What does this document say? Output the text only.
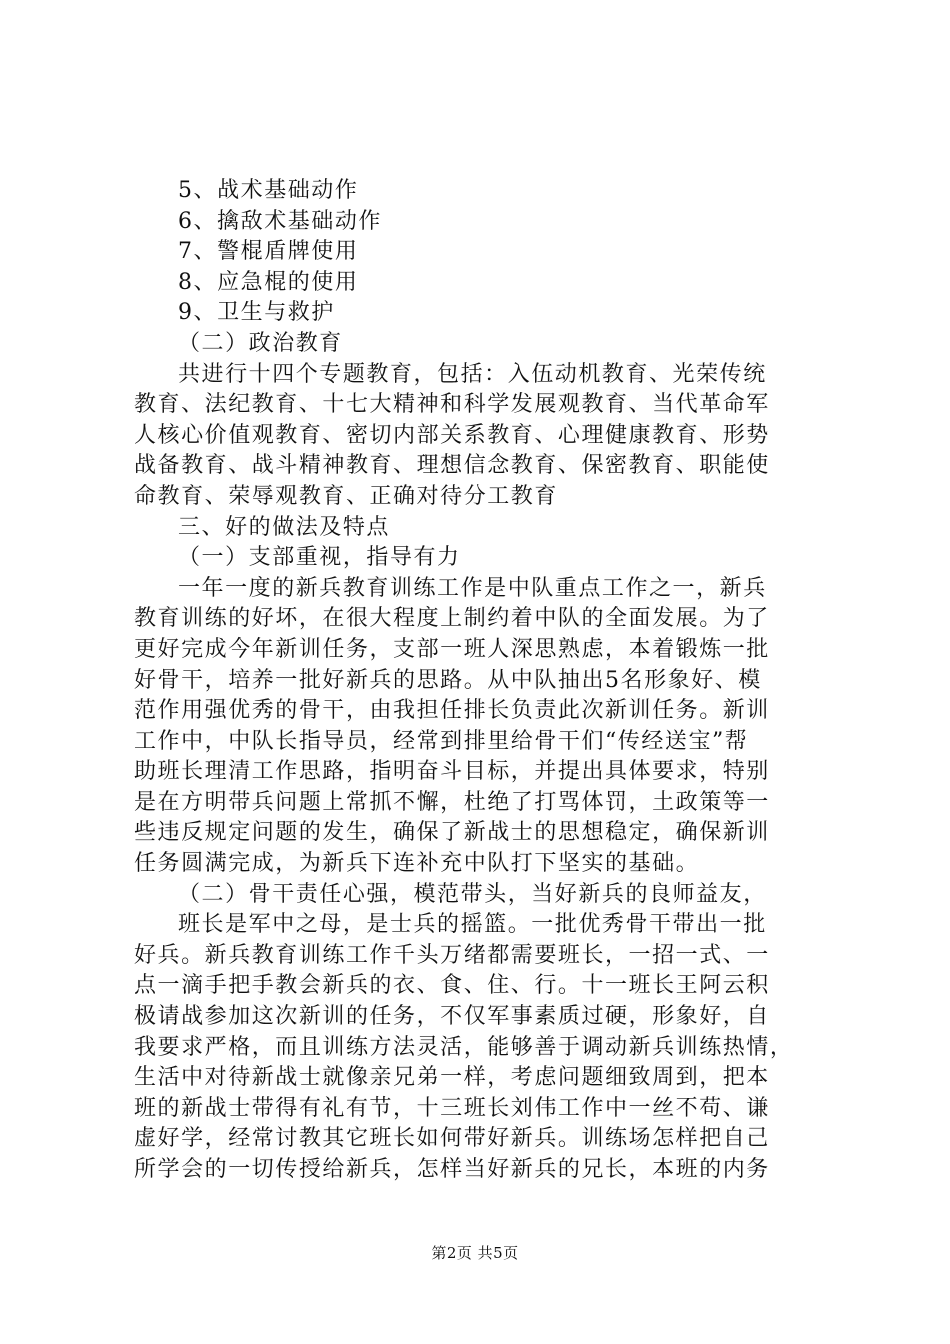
5、战术基础动作
6、擒敌术基础动作
7、警棍盾牌使用
8、应急棍的使用
9、卫生与救护
（二）政治教育
共进行十四个专题教育，包括：入伍动机教育、光荣传统
教育、法纪教育、十七大精神和科学发展观教育、当代革命军
人核心价值观教育、密切内部关系教育、心理健康教育、形势
战备教育、战斗精神教育、理想信念教育、保密教育、职能使
命教育、荣辱观教育、正确对待分工教育
三、好的做法及特点
（一）支部重视，指导有力
一年一度的新兵教育训练工作是中队重点工作之一，新兵
教育训练的好坏，在很大程度上制约着中队的全面发展。为了
更好完成今年新训任务，支部一班人深思熟虑，本着锻炼一批
好骨干，培养一批好新兵的思路。从中队抽出5名形象好、模
范作用强优秀的骨干，由我担任排长负责此次新训任务。新训
工作中，中队长指导员，经常到排里给骨干们“传经送宝”帮
助班长理清工作思路，指明奋斗目标，并提出具体要求，特别
是在方明带兵问题上常抓不懈，杜绝了打骂体罚，土政策等一
些违反规定问题的发生，确保了新战士的思想稳定，确保新训
任务圆满完成，为新兵下连补充中队打下坚实的基础。
（二）骨干责任心强，模范带头，当好新兵的良师益友，
班长是军中之母，是士兵的摇篮。一批优秀骨干带出一批
好兵。新兵教育训练工作千头万绪都需要班长，一招一式、一
点一滴手把手教会新兵的衣、食、住、行。十一班长王阿云积
极请战参加这次新训的任务，不仅军事素质过硬，形象好，自
我要求严格，而且训练方法灵活，能够善于调动新兵训练热情，
生活中对待新战士就像亲兄弟一样，考虑问题细致周到，把本
班的新战士带得有礼有节，十三班长刘伟工作中一丝不苟、谦
虚好学，经常讨教其它班长如何带好新兵。训练场怎样把自己
所学会的一切传授给新兵，怎样当好新兵的兄长，本班的内务
第2页 共5页
